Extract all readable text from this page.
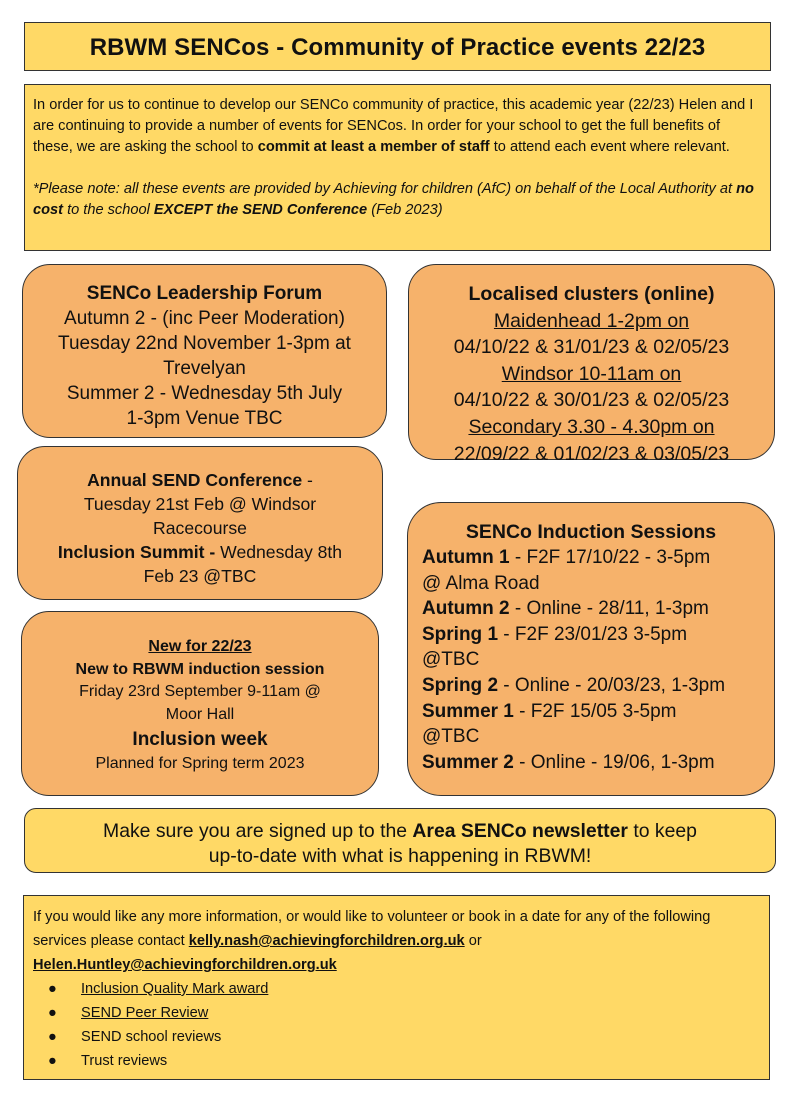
RBWM SENCos - Community of Practice events 22/23

In order for us to continue to develop our SENCo community of practice, this academic year (22/23) Helen and I are continuing to provide a number of events for SENCos. In order for your school to get the full benefits of these, we are asking the school to commit at least a member of staff to attend each event where relevant.

*Please note: all these events are provided by Achieving for children (AfC) on behalf of the Local Authority at no cost to the school EXCEPT the SEND Conference (Feb 2023)

SENCo Leadership Forum
Autumn 2 - (inc Peer Moderation)
Tuesday 22nd November 1-3pm at
Trevelyan
Summer 2 - Wednesday 5th July
1-3pm Venue TBC
Localised clusters (online)
Maidenhead 1-2pm on
04/10/22 & 31/01/23 & 02/05/23
Windsor 10-11am on
04/10/22 & 30/01/23 & 02/05/23
Secondary 3.30 - 4.30pm on
22/09/22 & 01/02/23 & 03/05/23
Annual SEND Conference -
Tuesday 21st Feb @ Windsor
Racecourse
Inclusion Summit - Wednesday 8th
Feb 23 @TBC
SENCo Induction Sessions
Autumn 1 - F2F 17/10/22 - 3-5pm
@ Alma Road
Autumn 2 - Online - 28/11, 1-3pm
Spring 1 - F2F 23/01/23 3-5pm
@TBC
Spring 2 - Online - 20/03/23, 1-3pm
Summer 1 - F2F 15/05 3-5pm
@TBC
Summer 2 - Online - 19/06, 1-3pm
New for 22/23
New to RBWM induction session
Friday 23rd September 9-11am @
Moor Hall
Inclusion week
Planned for Spring term 2023
Make sure you are signed up to the Area SENCo newsletter to keep
up-to-date with what is happening in RBWM!

If you would like any more information, or would like to volunteer or book in a date for any of the following services please contact kelly.nash@achievingforchildren.org.uk or
Helen.Huntley@achievingforchildren.org.uk

● Inclusion Quality Mark award
● SEND Peer Review
● SEND school reviews
● Trust reviews
